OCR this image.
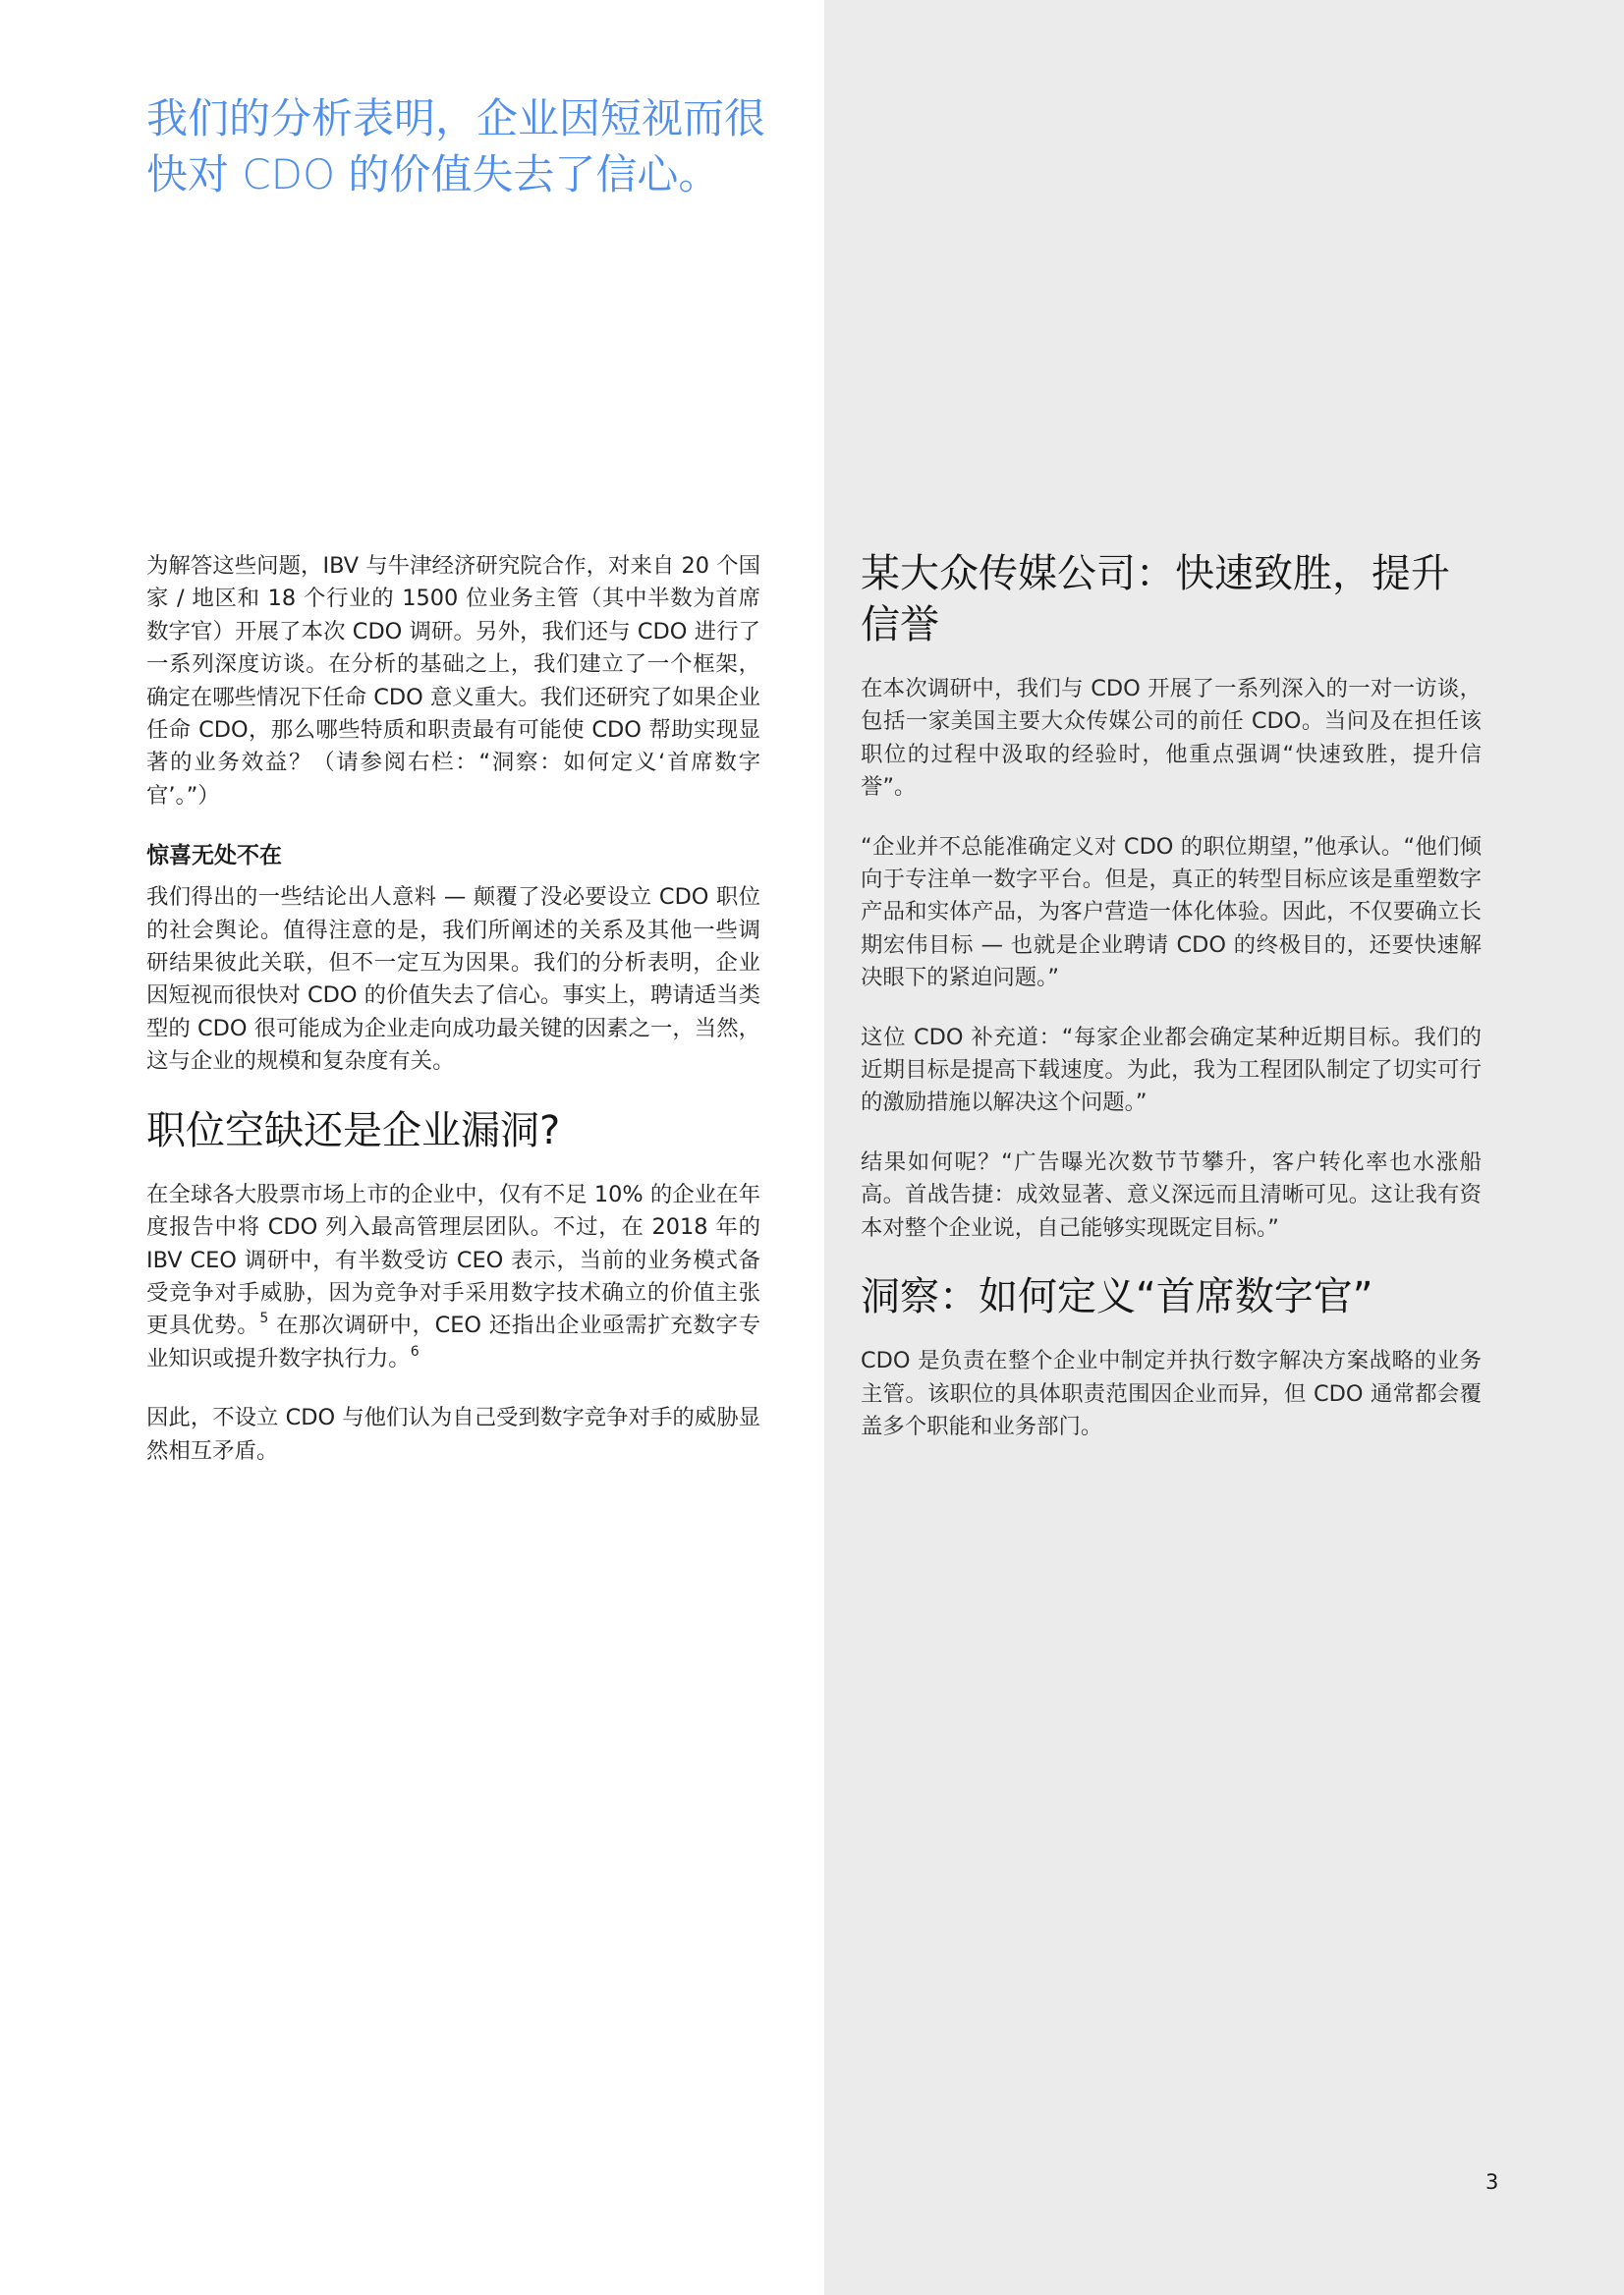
我们的分析表明，企业因短视而很快对 CDO 的价值失去了信心。

为解答这些问题，IBV 与牛津经济研究院合作，对来自 20 个国家 / 地区和 18 个行业的 1500 位业务主管（其中半数为首席数字官）开展了本次 CDO 调研。另外，我们还与 CDO 进行了一系列深度访谈。在分析的基础之上，我们建立了一个框架，确定在哪些情况下任命 CDO 意义重大。我们还研究了如果企业任命 CDO，那么哪些特质和职责最有可能使 CDO 帮助实现显著的业务效益？（请参阅右栏：“洞察：如何定义‘首席数字官’。”）

惊喜无处不在

我们得出的一些结论出人意料 — 颠覆了没必要设立 CDO 职位的社会舆论。值得注意的是，我们所阐述的关系及其他一些调研结果彼此关联，但不一定互为因果。我们的分析表明，企业因短视而很快对 CDO 的价值失去了信心。事实上，聘请适当类型的 CDO 很可能成为企业走向成功最关键的因素之一，当然，这与企业的规模和复杂度有关。

职位空缺还是企业漏洞?

在全球各大股票市场上市的企业中，仅有不足 10% 的企业在年度报告中将 CDO 列入最高管理层团队。不过，在 2018 年的 IBV CEO 调研中，有半数受访 CEO 表示，当前的业务模式备受竞争对手威胁，因为竞争对手采用数字技术确立的价值主张更具优势。$^5$ 在那次调研中，CEO 还指出企业亟需扩充数字专业知识或提升数字执行力。$^6$

因此，不设立 CDO 与他们认为自己受到数字竞争对手的威胁显然相互矛盾。

某大众传媒公司：快速致胜，提升信誉

在本次调研中，我们与 CDO 开展了一系列深入的一对一访谈，包括一家美国主要大众传媒公司的前任 CDO。当问及在担任该职位的过程中汲取的经验时，他重点强调“快速致胜，提升信誉”。

“企业并不总能准确定义对 CDO 的职位期望，”他承认。“他们倾向于专注单一数字平台。但是，真正的转型目标应该是重塑数字产品和实体产品，为客户营造一体化体验。因此，不仅要确立长期宏伟目标 — 也就是企业聘请 CDO 的终极目的，还要快速解决眼下的紧迫问题。”

这位 CDO 补充道：“每家企业都会确定某种近期目标。我们的近期目标是提高下载速度。为此，我为工程团队制定了切实可行的激励措施以解决这个问题。”

结果如何呢？“广告曝光次数节节攀升，客户转化率也水涨船高。首战告捷：成效显著、意义深远而且清晰可见。这让我有资本对整个企业说，自己能够实现既定目标。”

洞察：如何定义“首席数字官”

CDO 是负责在整个企业中制定并执行数字解决方案战略的业务主管。该职位的具体职责范围因企业而异，但 CDO 通常都会覆盖多个职能和业务部门。

3
